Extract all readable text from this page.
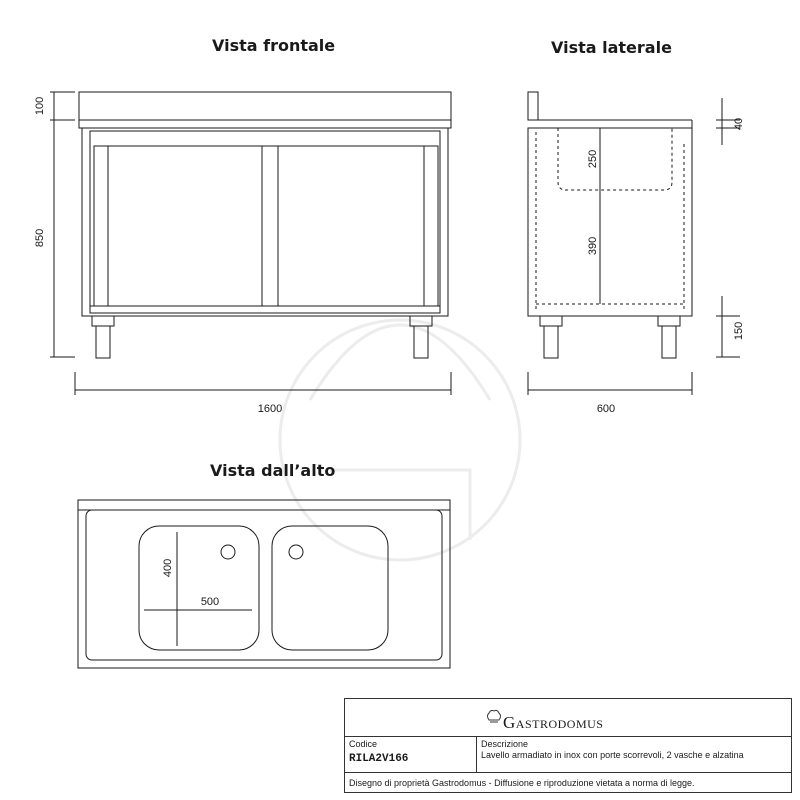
100
850
1600
40
250
390
150
600
500
400
Vista frontale	Vista laterale
Vista dall’alto
Gastrodomus
Codice
RILA2V166
Descrizione
Lavello armadiato in inox con porte scorrevoli, 2 vasche e alzatina
Disegno di proprietà Gastrodomus - Diffusione e riproduzione vietata a norma di legge.
